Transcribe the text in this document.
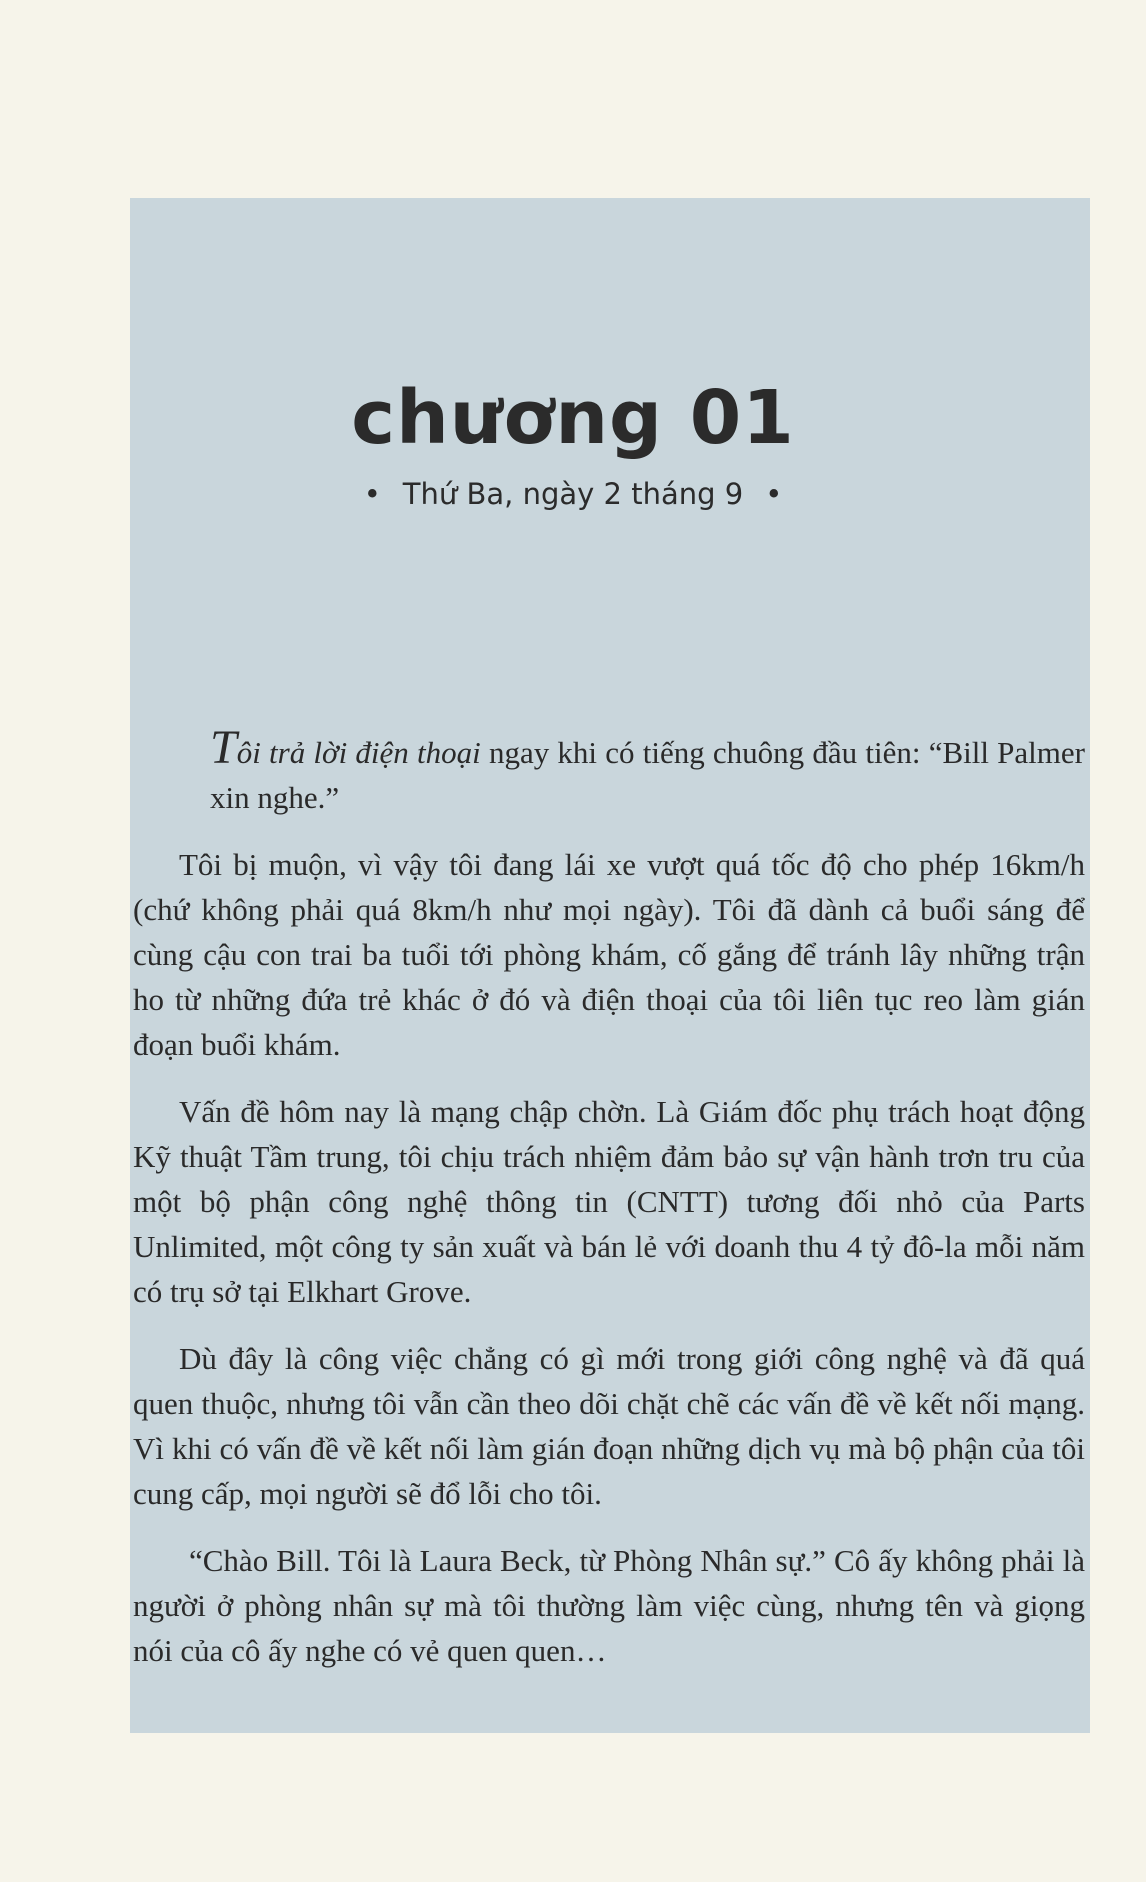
chương 01
• Thứ Ba, ngày 2 tháng 9 •

Tôi trả lời điện thoại ngay khi có tiếng chuông đầu tiên: “Bill Palmer xin nghe.”

Tôi bị muộn, vì vậy tôi đang lái xe vượt quá tốc độ cho phép 16km/h (chứ không phải quá 8km/h như mọi ngày). Tôi đã dành cả buổi sáng để cùng cậu con trai ba tuổi tới phòng khám, cố gắng để tránh lây những trận ho từ những đứa trẻ khác ở đó và điện thoại của tôi liên tục reo làm gián đoạn buổi khám.

Vấn đề hôm nay là mạng chập chờn. Là Giám đốc phụ trách hoạt động Kỹ thuật Tầm trung, tôi chịu trách nhiệm đảm bảo sự vận hành trơn tru của một bộ phận công nghệ thông tin (CNTT) tương đối nhỏ của Parts Unlimited, một công ty sản xuất và bán lẻ với doanh thu 4 tỷ đô-la mỗi năm có trụ sở tại Elkhart Grove.

Dù đây là công việc chẳng có gì mới trong giới công nghệ và đã quá quen thuộc, nhưng tôi vẫn cần theo dõi chặt chẽ các vấn đề về kết nối mạng. Vì khi có vấn đề về kết nối làm gián đoạn những dịch vụ mà bộ phận của tôi cung cấp, mọi người sẽ đổ lỗi cho tôi.

“Chào Bill. Tôi là Laura Beck, từ Phòng Nhân sự.” Cô ấy không phải là người ở phòng nhân sự mà tôi thường làm việc cùng, nhưng tên và giọng nói của cô ấy nghe có vẻ quen quen…
